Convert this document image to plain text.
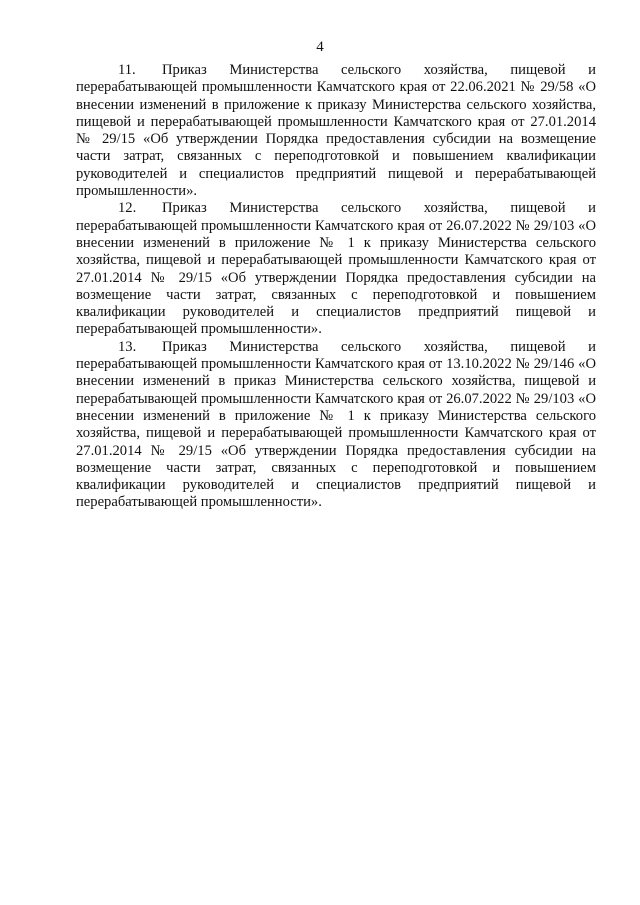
4

11. Приказ Министерства сельского хозяйства, пищевой и перерабатывающей промышленности Камчатского края от 22.06.2021 № 29/58 «О внесении изменений в приложение к приказу Министерства сельского хозяйства, пищевой и перерабатывающей промышленности Камчатского края от 27.01.2014 № 29/15 «Об утверждении Порядка предоставления субсидии на возмещение части затрат, связанных с переподготовкой и повышением квалификации руководителей и специалистов предприятий пищевой и перерабатывающей промышленности».

12. Приказ Министерства сельского хозяйства, пищевой и перерабатывающей промышленности Камчатского края от 26.07.2022 № 29/103 «О внесении изменений в приложение № 1 к приказу Министерства сельского хозяйства, пищевой и перерабатывающей промышленности Камчатского края от 27.01.2014 № 29/15 «Об утверждении Порядка предоставления субсидии на возмещение части затрат, связанных с переподготовкой и повышением квалификации руководителей и специалистов предприятий пищевой и перерабатывающей промышленности».

13. Приказ Министерства сельского хозяйства, пищевой и перерабатывающей промышленности Камчатского края от 13.10.2022 № 29/146 «О внесении изменений в приказ Министерства сельского хозяйства, пищевой и перерабатывающей промышленности Камчатского края от 26.07.2022 № 29/103 «О внесении изменений в приложение № 1 к приказу Министерства сельского хозяйства, пищевой и перерабатывающей промышленности Камчатского края от 27.01.2014 № 29/15 «Об утверждении Порядка предоставления субсидии на возмещение части затрат, связанных с переподготовкой и повышением квалификации руководителей и специалистов предприятий пищевой и перерабатывающей промышленности».
